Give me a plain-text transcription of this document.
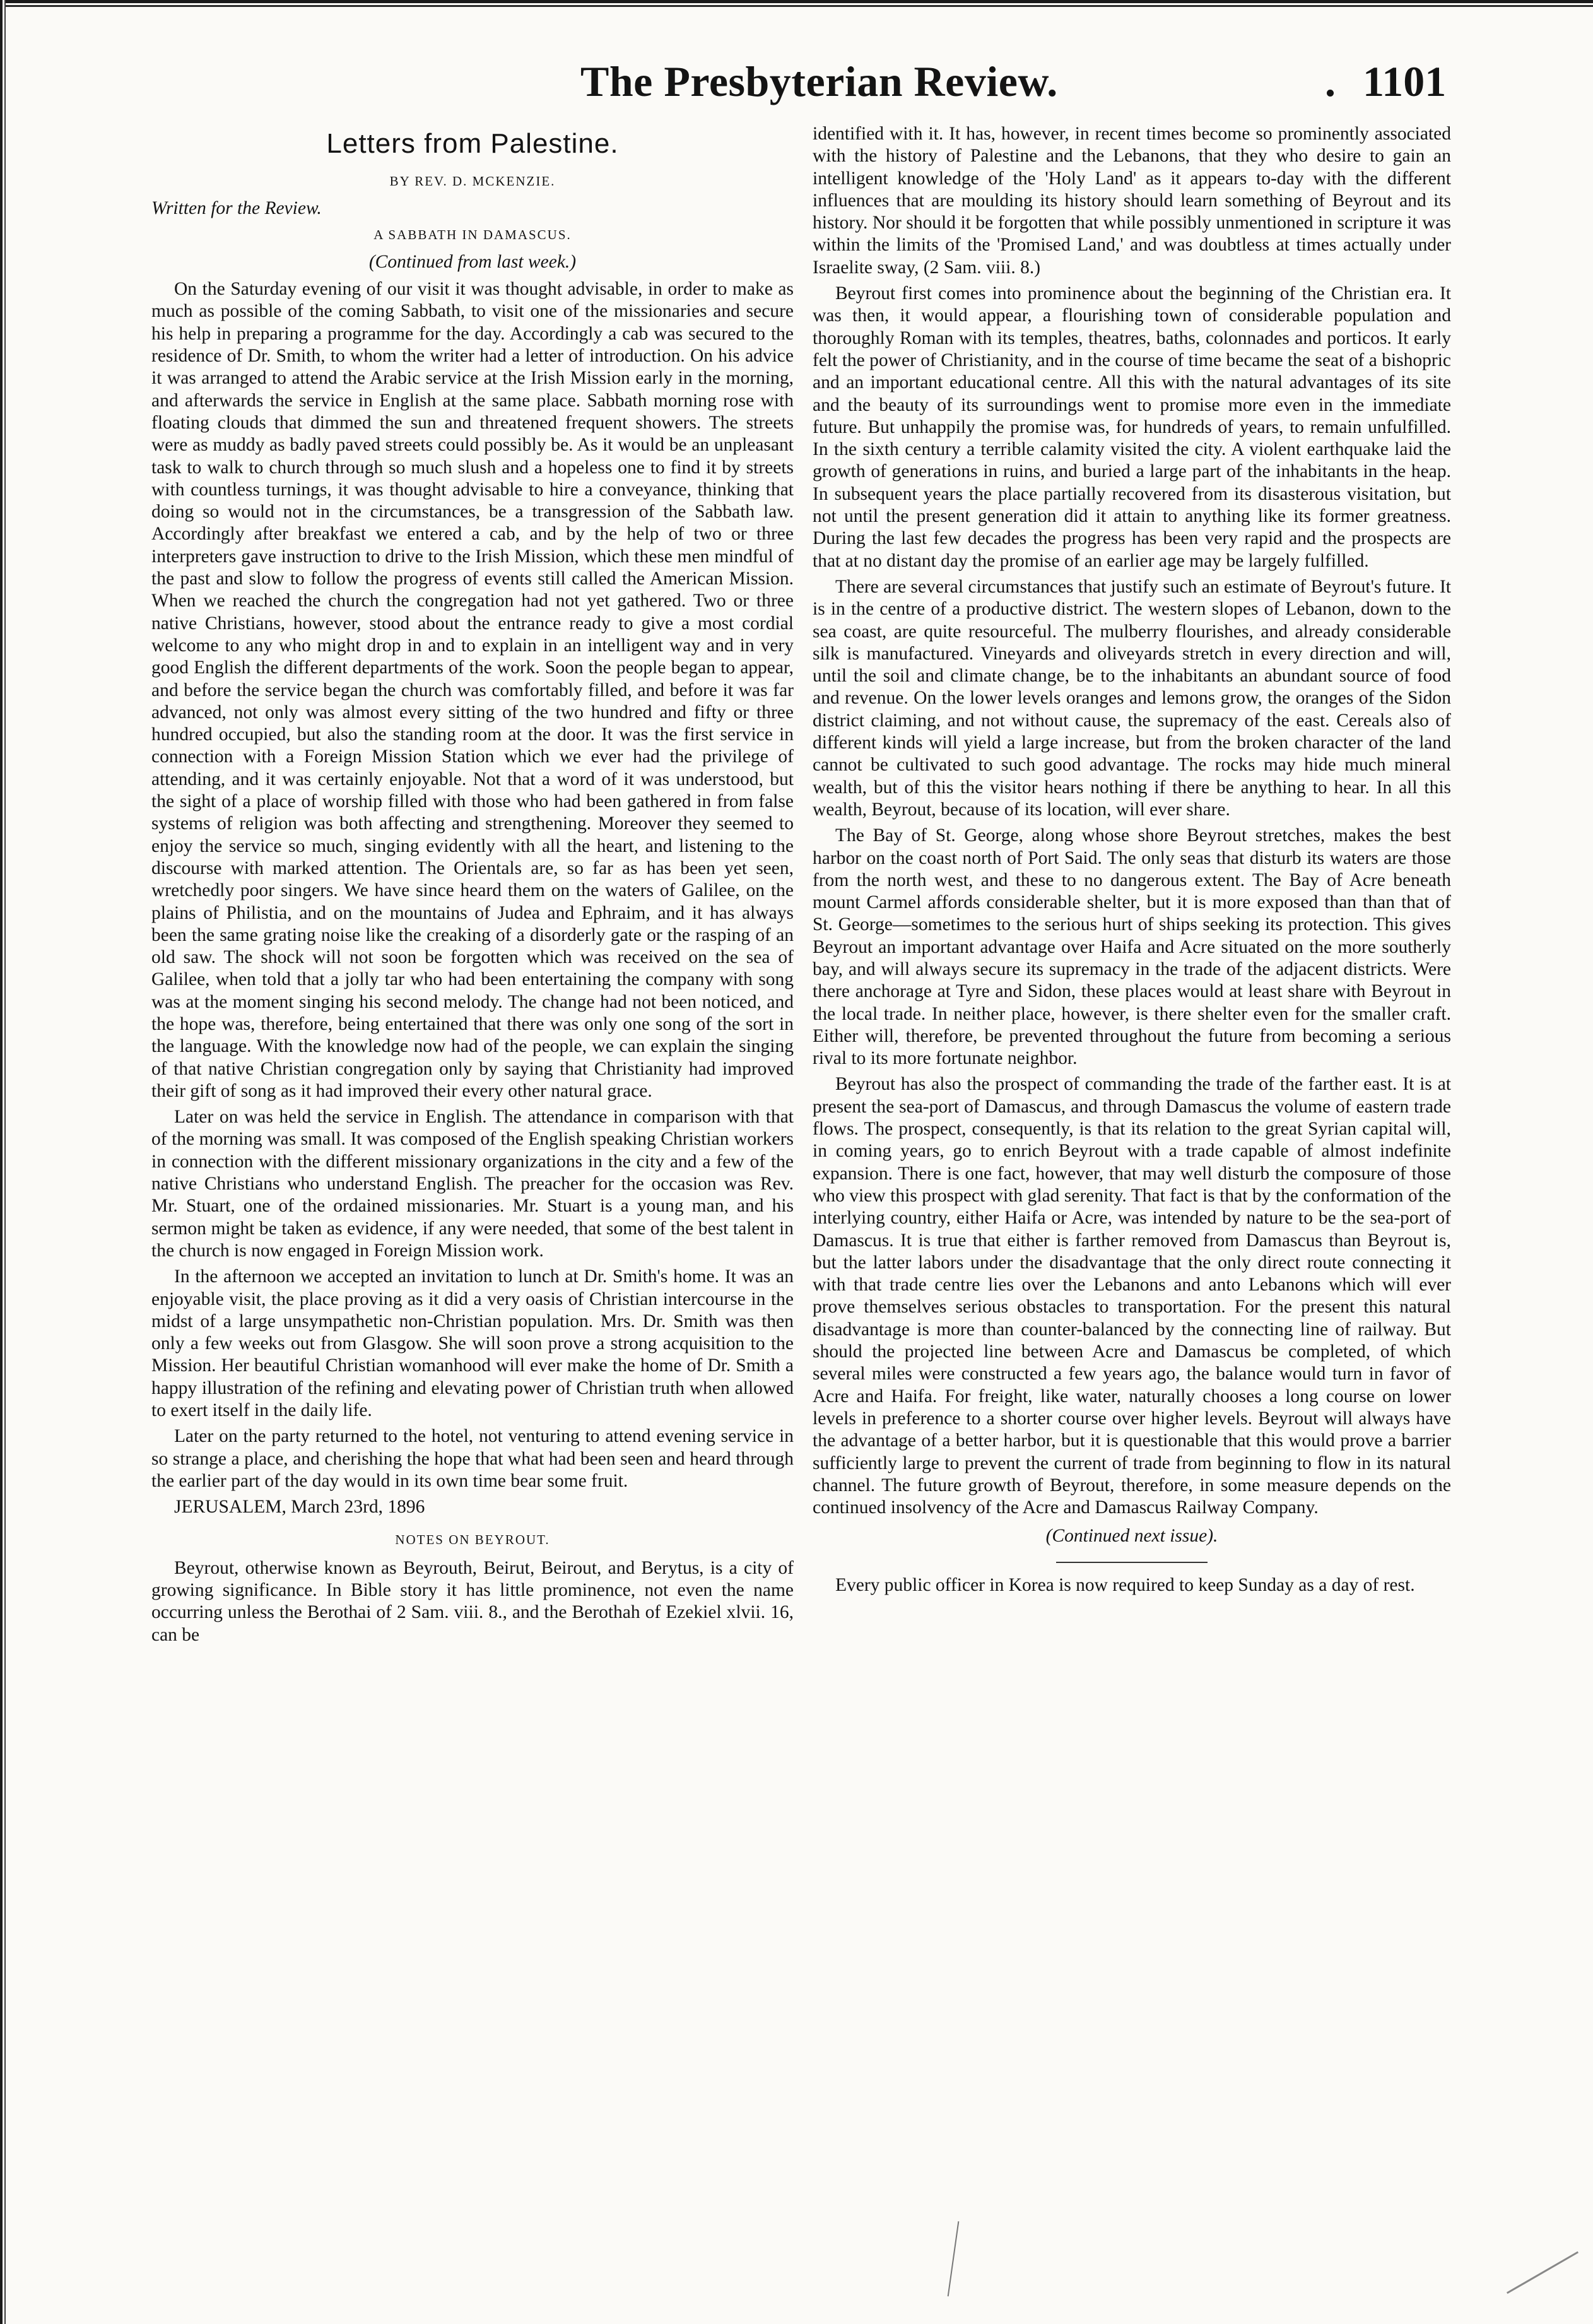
The Presbyterian Review.	. 1101
Letters from Palestine.
BY REV. D. MCKENZIE.
Written for the Review.
A SABBATH IN DAMASCUS.
(Continued from last week.)

On the Saturday evening of our visit it was thought advisable, in order to make as much as possible of the coming Sabbath, to visit one of the missionaries and secure his help in preparing a programme for the day. Accordingly a cab was secured to the residence of Dr. Smith, to whom the writer had a letter of introduction. On his advice it was arranged to attend the Arabic service at the Irish Mission early in the morning, and afterwards the service in English at the same place. Sabbath morning rose with floating clouds that dimmed the sun and threatened frequent showers. The streets were as muddy as badly paved streets could possibly be. As it would be an unpleasant task to walk to church through so much slush and a hopeless one to find it by streets with countless turnings, it was thought advisable to hire a conveyance, thinking that doing so would not in the circumstances, be a transgression of the Sabbath law. Accordingly after breakfast we entered a cab, and by the help of two or three interpreters gave instruction to drive to the Irish Mission, which these men mindful of the past and slow to follow the progress of events still called the American Mission. When we reached the church the congregation had not yet gathered. Two or three native Christians, however, stood about the entrance ready to give a most cordial welcome to any who might drop in and to explain in an intelligent way and in very good English the different departments of the work. Soon the people began to appear, and before the service began the church was comfortably filled, and before it was far advanced, not only was almost every sitting of the two hundred and fifty or three hundred occupied, but also the standing room at the door. It was the first service in connection with a Foreign Mission Station which we ever had the privilege of attending, and it was certainly enjoyable. Not that a word of it was understood, but the sight of a place of worship filled with those who had been gathered in from false systems of religion was both affecting and strengthening. Moreover they seemed to enjoy the service so much, singing evidently with all the heart, and listening to the discourse with marked attention. The Orientals are, so far as has been yet seen, wretchedly poor singers. We have since heard them on the waters of Galilee, on the plains of Philistia, and on the mountains of Judea and Ephraim, and it has always been the same grating noise like the creaking of a disorderly gate or the rasping of an old saw. The shock will not soon be forgotten which was received on the sea of Galilee, when told that a jolly tar who had been entertaining the company with song was at the moment singing his second melody. The change had not been noticed, and the hope was, therefore, being entertained that there was only one song of the sort in the language. With the knowledge now had of the people, we can explain the singing of that native Christian congregation only by saying that Christianity had improved their gift of song as it had improved their every other natural grace.

Later on was held the service in English. The attendance in comparison with that of the morning was small. It was composed of the English speaking Christian workers in connection with the different missionary organizations in the city and a few of the native Christians who understand English. The preacher for the occasion was Rev. Mr. Stuart, one of the ordained missionaries. Mr. Stuart is a young man, and his sermon might be taken as evidence, if any were needed, that some of the best talent in the church is now engaged in Foreign Mission work.

In the afternoon we accepted an invitation to lunch at Dr. Smith's home. It was an enjoyable visit, the place proving as it did a very oasis of Christian intercourse in the midst of a large unsympathetic non-Christian population. Mrs. Dr. Smith was then only a few weeks out from Glasgow. She will soon prove a strong acquisition to the Mission. Her beautiful Christian womanhood will ever make the home of Dr. Smith a happy illustration of the refining and elevating power of Christian truth when allowed to exert itself in the daily life.

Later on the party returned to the hotel, not venturing to attend evening service in so strange a place, and cherishing the hope that what had been seen and heard through the earlier part of the day would in its own time bear some fruit.

JERUSALEM, March 23rd, 1896
NOTES ON BEYROUT.

Beyrout, otherwise known as Beyrouth, Beirut, Beirout, and Berytus, is a city of growing significance. In Bible story it has little prominence, not even the name occurring unless the Berothai of 2 Sam. viii. 8., and the Berothah of Ezekiel xlvii. 16, can be

identified with it. It has, however, in recent times become so prominently associated with the history of Palestine and the Lebanons, that they who desire to gain an intelligent knowledge of the 'Holy Land' as it appears to-day with the different influences that are moulding its history should learn something of Beyrout and its history. Nor should it be forgotten that while possibly unmentioned in scripture it was within the limits of the 'Promised Land,' and was doubtless at times actually under Israelite sway, (2 Sam. viii. 8.)

Beyrout first comes into prominence about the beginning of the Christian era. It was then, it would appear, a flourishing town of considerable population and thoroughly Roman with its temples, theatres, baths, colonnades and porticos. It early felt the power of Christianity, and in the course of time became the seat of a bishopric and an important educational centre. All this with the natural advantages of its site and the beauty of its surroundings went to promise more even in the immediate future. But unhappily the promise was, for hundreds of years, to remain unfulfilled. In the sixth century a terrible calamity visited the city. A violent earthquake laid the growth of generations in ruins, and buried a large part of the inhabitants in the heap. In subsequent years the place partially recovered from its disasterous visitation, but not until the present generation did it attain to anything like its former greatness. During the last few decades the progress has been very rapid and the prospects are that at no distant day the promise of an earlier age may be largely fulfilled.

There are several circumstances that justify such an estimate of Beyrout's future. It is in the centre of a productive district. The western slopes of Lebanon, down to the sea coast, are quite resourceful. The mulberry flourishes, and already considerable silk is manufactured. Vineyards and oliveyards stretch in every direction and will, until the soil and climate change, be to the inhabitants an abundant source of food and revenue. On the lower levels oranges and lemons grow, the oranges of the Sidon district claiming, and not without cause, the supremacy of the east. Cereals also of different kinds will yield a large increase, but from the broken character of the land cannot be cultivated to such good advantage. The rocks may hide much mineral wealth, but of this the visitor hears nothing if there be anything to hear. In all this wealth, Beyrout, because of its location, will ever share.

The Bay of St. George, along whose shore Beyrout stretches, makes the best harbor on the coast north of Port Said. The only seas that disturb its waters are those from the north west, and these to no dangerous extent. The Bay of Acre beneath mount Carmel affords considerable shelter, but it is more exposed than than that of St. George—sometimes to the serious hurt of ships seeking its protection. This gives Beyrout an important advantage over Haifa and Acre situated on the more southerly bay, and will always secure its supremacy in the trade of the adjacent districts. Were there anchorage at Tyre and Sidon, these places would at least share with Beyrout in the local trade. In neither place, however, is there shelter even for the smaller craft. Either will, therefore, be prevented throughout the future from becoming a serious rival to its more fortunate neighbor.

Beyrout has also the prospect of commanding the trade of the farther east. It is at present the sea-port of Damascus, and through Damascus the volume of eastern trade flows. The prospect, consequently, is that its relation to the great Syrian capital will, in coming years, go to enrich Beyrout with a trade capable of almost indefinite expansion. There is one fact, however, that may well disturb the composure of those who view this prospect with glad serenity. That fact is that by the conformation of the interlying country, either Haifa or Acre, was intended by nature to be the sea-port of Damascus. It is true that either is farther removed from Damascus than Beyrout is, but the latter labors under the disadvantage that the only direct route connecting it with that trade centre lies over the Lebanons and anto Lebanons which will ever prove themselves serious obstacles to transportation. For the present this natural disadvantage is more than counter-balanced by the connecting line of railway. But should the projected line between Acre and Damascus be completed, of which several miles were constructed a few years ago, the balance would turn in favor of Acre and Haifa. For freight, like water, naturally chooses a long course on lower levels in preference to a shorter course over higher levels. Beyrout will always have the advantage of a better harbor, but it is questionable that this would prove a barrier sufficiently large to prevent the current of trade from beginning to flow in its natural channel. The future growth of Beyrout, therefore, in some measure depends on the continued insolvency of the Acre and Damascus Railway Company.

(Continued next issue).

Every public officer in Korea is now required to keep Sunday as a day of rest.
